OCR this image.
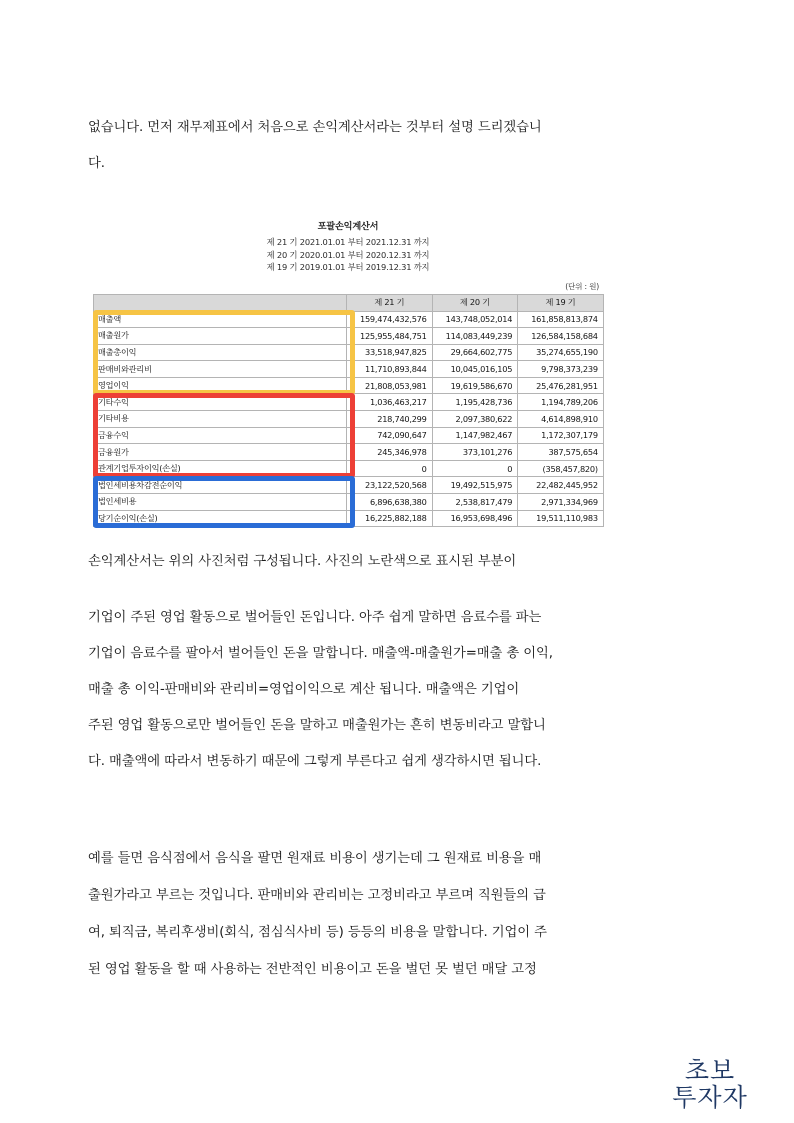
없습니다. 먼저 재무제표에서 처음으로 손익계산서라는 것부터 설명 드리겠습니

다.

포괄손익계산서
제 21 기 2021.01.01 부터 2021.12.31 까지
제 20 기 2020.01.01 부터 2020.12.31 까지
제 19 기 2019.01.01 부터 2019.12.31 까지
(단위 : 원)
	제 21 기	제 20 기	제 19 기
매출액	159,474,432,576	143,748,052,014	161,858,813,874
매출원가	125,955,484,751	114,083,449,239	126,584,158,684
매출총이익	33,518,947,825	29,664,602,775	35,274,655,190
판매비와관리비	11,710,893,844	10,045,016,105	9,798,373,239
영업이익	21,808,053,981	19,619,586,670	25,476,281,951
기타수익	1,036,463,217	1,195,428,736	1,194,789,206
기타비용	218,740,299	2,097,380,622	4,614,898,910
금융수익	742,090,647	1,147,982,467	1,172,307,179
금융원가	245,346,978	373,101,276	387,575,654
관계기업투자이익(손실)	0	0	(358,457,820)
법인세비용차감전순이익	23,122,520,568	19,492,515,975	22,482,445,952
법인세비용	6,896,638,380	2,538,817,479	2,971,334,969
당기순이익(손실)	16,225,882,188	16,953,698,496	19,511,110,983

손익계산서는 위의 사진처럼 구성됩니다. 사진의 노란색으로 표시된 부분이

기업이 주된 영업 활동으로 벌어들인 돈입니다. 아주 쉽게 말하면 음료수를 파는

기업이 음료수를 팔아서 벌어들인 돈을 말합니다. 매출액-매출원가=매출 총 이익,

매출 총 이익-판매비와 관리비=영업이익으로 계산 됩니다. 매출액은 기업이

주된 영업 활동으로만 벌어들인 돈을 말하고 매출원가는 흔히 변동비라고 말합니

다. 매출액에 따라서 변동하기 때문에 그렇게 부른다고 쉽게 생각하시면 됩니다.

예를 들면 음식점에서 음식을 팔면 원재료 비용이 생기는데 그 원재료 비용을 매

출원가라고 부르는 것입니다. 판매비와 관리비는 고정비라고 부르며 직원들의 급

여, 퇴직금, 복리후생비(회식, 점심식사비 등) 등등의 비용을 말합니다. 기업이 주

된 영업 활동을 할 때 사용하는 전반적인 비용이고 돈을 벌던 못 벌던 매달 고정

초보
투자자
